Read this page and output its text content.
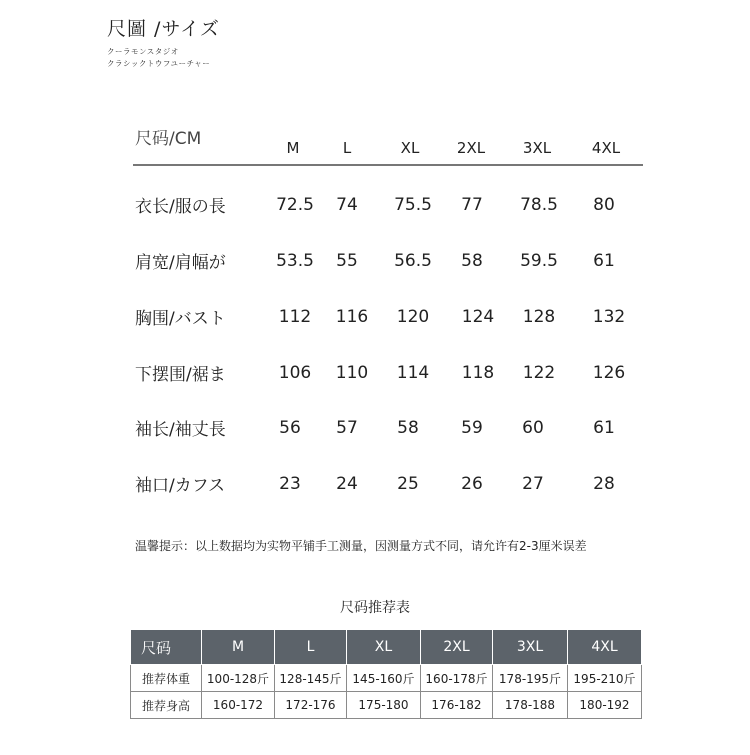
尺圖 /サイズ
クーラモンスタジオ
クラシックトウフユーチャー
尺码/CM	M	L	XL	2XL	3XL	4XL
衣长/服の長	72.5	74	75.5	77	78.5	80
肩宽/肩幅が	53.5	55	56.5	58	59.5	61
胸围/バスト	112	116	120	124	128	132
下摆围/裾ま	106	110	114	118	122	126
袖长/袖丈長	56	57	58	59	60	61
袖口/カフス	23	24	25	26	27	28
温馨提示：以上数据均为实物平铺手工测量，因测量方式不同，请允许有2-3厘米误差
尺码推荐表
尺码	M	L	XL	2XL	3XL	4XL
推荐体重	100-128斤	128-145斤	145-160斤	160-178斤	178-195斤	195-210斤
推荐身高	160-172	172-176	175-180	176-182	178-188	180-192
